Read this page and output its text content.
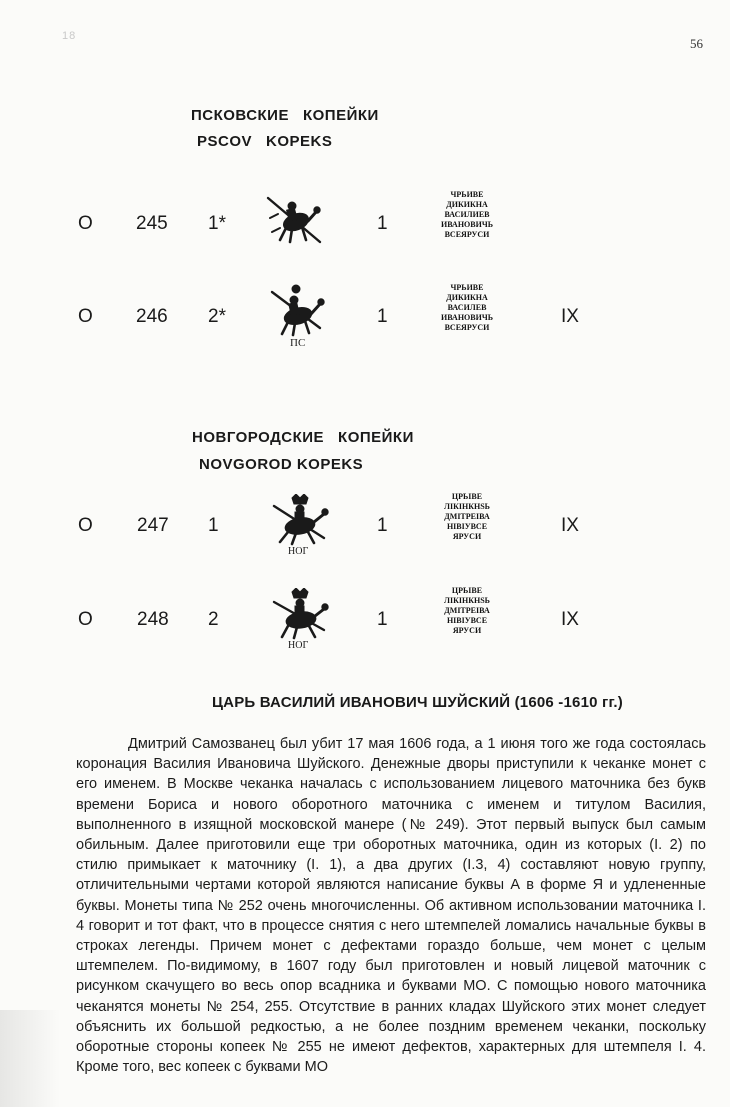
56
18
ПСКОВСКИЕ   КОПЕЙКИ
PSCOV   KOPEKS
O 245 1*	1
ЧРЬИВЕ
ДИКИКНА
ВАСИЛИЕВ
ИВАНОВИЧЬ
ВСЕЯРУСИ
O 246 2*
ПС
1
ЧРЬИВЕ
ДИКИКНА
ВАСИЛЕВ
ИВАНОВИЧЬ
ВСЕЯРУСИ
IX
НОВГОРОДСКИЕ   КОПЕЙКИ
NOVGOROD KOPEKS
O 247 1
НОГ
1
ЦРЬІВЕ
ЛІКІНКНЅЬ
ДМІТРЕІВА
НІВІУВСЕ
ЯРУСИ
IX
O 248 2
НОГ
1
ЦРЬІВЕ
ЛІКІНКНЅЬ
ДМІТРЕІВА
НІВІУВСЕ
ЯРУСИ
IX
ЦАРЬ ВАСИЛИЙ ИВАНОВИЧ ШУЙСКИЙ (1606 -1610 гг.)
Дмитрий Самозванец был убит 17 мая 1606 года, а 1 июня того же года состоялась коронация Василия Ивановича Шуйского. Денежные дворы приступили к чеканке монет с его именем. В Москве чеканка началась с использованием лицевого маточника без букв времени Бориса и нового оборотного маточника с именем и титулом Василия, выполненного в изящной московской манере (№ 249). Этот первый выпуск был самым обильным. Далее приготовили еще три оборотных маточника, один из которых (I. 2) по стилю примыкает к маточнику (I. 1), а два других (I.3, 4) составляют новую группу, отличительными чертами которой являются написание буквы А в форме Я и удлененные буквы. Монеты типа № 252 очень многочисленны. Об активном использовании маточника I. 4 говорит и тот факт, что в процессе снятия с него штемпелей ломались начальные буквы в строках легенды. Причем монет с дефектами гораздо больше, чем монет с целым штемпелем. По-видимому, в 1607 году был приготовлен и новый лицевой маточник с рисунком скачущего во весь опор всадника и буквами МО. С помощью нового маточника чеканятся монеты № 254, 255. Отсутствие в ранних кладах Шуйского этих монет следует объяснить их большой редкостью, а не более поздним временем чеканки, поскольку оборотные стороны копеек № 255 не имеют дефектов, характерных для штемпеля I. 4. Кроме того, вес копеек с буквами МО
